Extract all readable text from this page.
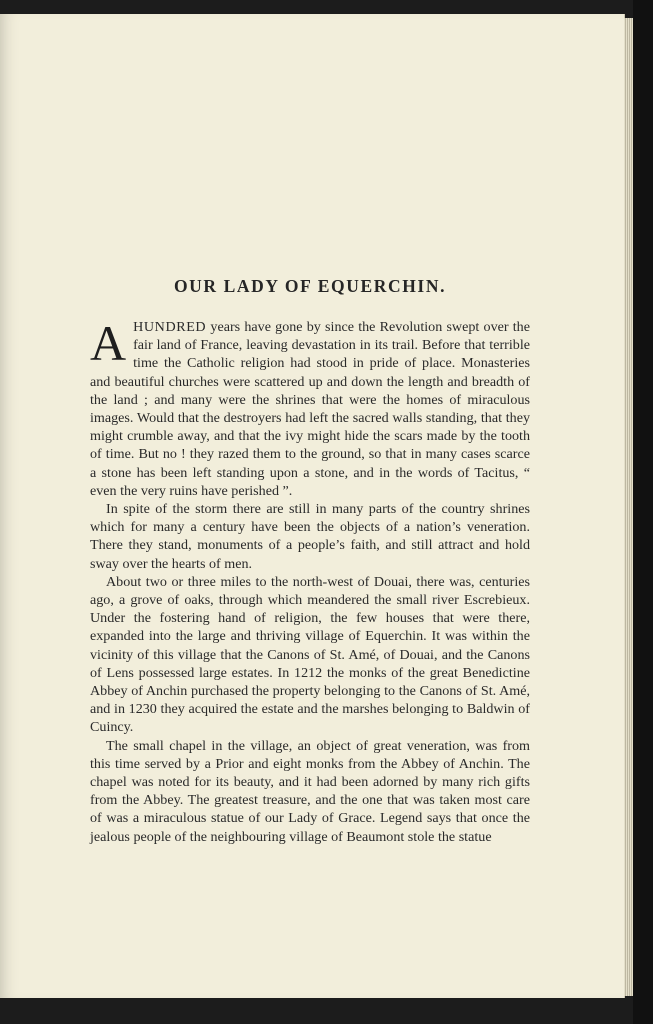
OUR LADY OF EQUERCHIN.

AHUNDRED years have gone by since the Revolution swept over the fair land of France, leaving devastation in its trail. Before that terrible time the Catholic religion had stood in pride of place. Monasteries and beautiful churches were scattered up and down the length and breadth of the land ; and many were the shrines that were the homes of miraculous images. Would that the destroyers had left the sacred walls standing, that they might crumble away, and that the ivy might hide the scars made by the tooth of time. But no ! they razed them to the ground, so that in many cases scarce a stone has been left standing upon a stone, and in the words of Tacitus, “ even the very ruins have perished ”.

In spite of the storm there are still in many parts of the country shrines which for many a century have been the objects of a nation’s veneration. There they stand, monuments of a people’s faith, and still attract and hold sway over the hearts of men.

About two or three miles to the north-west of Douai, there was, centuries ago, a grove of oaks, through which meandered the small river Escrebieux. Under the fostering hand of religion, the few houses that were there, expanded into the large and thriving village of Equerchin. It was within the vicinity of this village that the Canons of St. Amé, of Douai, and the Canons of Lens possessed large estates. In 1212 the monks of the great Benedictine Abbey of Anchin purchased the property belonging to the Canons of St. Amé, and in 1230 they acquired the estate and the marshes belonging to Baldwin of Cuincy.

The small chapel in the village, an object of great veneration, was from this time served by a Prior and eight monks from the Abbey of Anchin. The chapel was noted for its beauty, and it had been adorned by many rich gifts from the Abbey. The greatest treasure, and the one that was taken most care of was a miraculous statue of our Lady of Grace. Legend says that once the jealous people of the neighbouring village of Beaumont stole the statue
